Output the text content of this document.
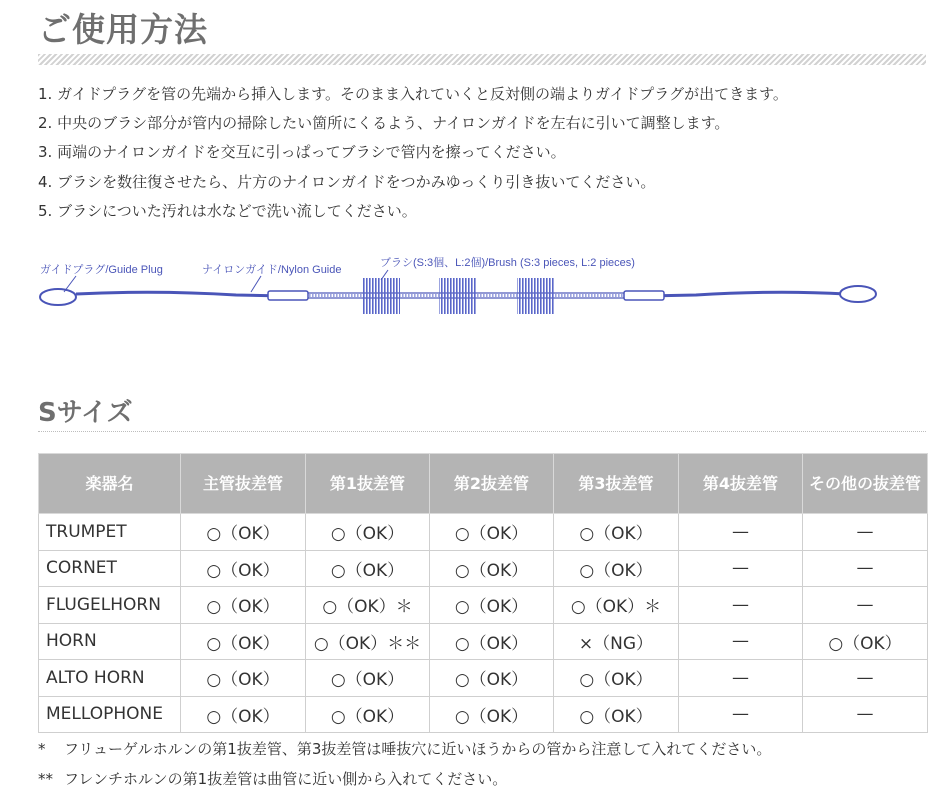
ご使用方法
1. ガイドプラグを管の先端から挿入します。そのまま入れていくと反対側の端よりガイドプラグが出てきます。
2. 中央のブラシ部分が管内の掃除したい箇所にくるよう、ナイロンガイドを左右に引いて調整します。
3. 両端のナイロンガイドを交互に引っぱってブラシで管内を擦ってください。
4. ブラシを数往復させたら、片方のナイロンガイドをつかみゆっくり引き抜いてください。
5. ブラシについた汚れは水などで洗い流してください。
ガイドプラグ/Guide Plug	ナイロンガイド/Nylon Guide
ブラシ(S:3個、L:2個)/Brush (S:3 pieces, L:2 pieces)
Sサイズ
楽器名	主管抜差管	第1抜差管	第2抜差管	第3抜差管	第4抜差管	その他の抜差管
TRUMPET	○（OK）	○（OK）	○（OK）	○（OK）	—	—
CORNET	○（OK）	○（OK）	○（OK）	○（OK）	—	—
FLUGELHORN	○（OK）	○（OK）＊	○（OK）	○（OK）＊	—	—
HORN	○（OK）	○（OK）＊＊	○（OK）	×（NG）	—	○（OK）
ALTO HORN	○（OK）	○（OK）	○（OK）	○（OK）	—	—
MELLOPHONE	○（OK）	○（OK）	○（OK）	○（OK）	—	—
* フリューゲルホルンの第1抜差管、第3抜差管は唾抜穴に近いほうからの管から注意して入れてください。
** フレンチホルンの第1抜差管は曲管に近い側から入れてください。
